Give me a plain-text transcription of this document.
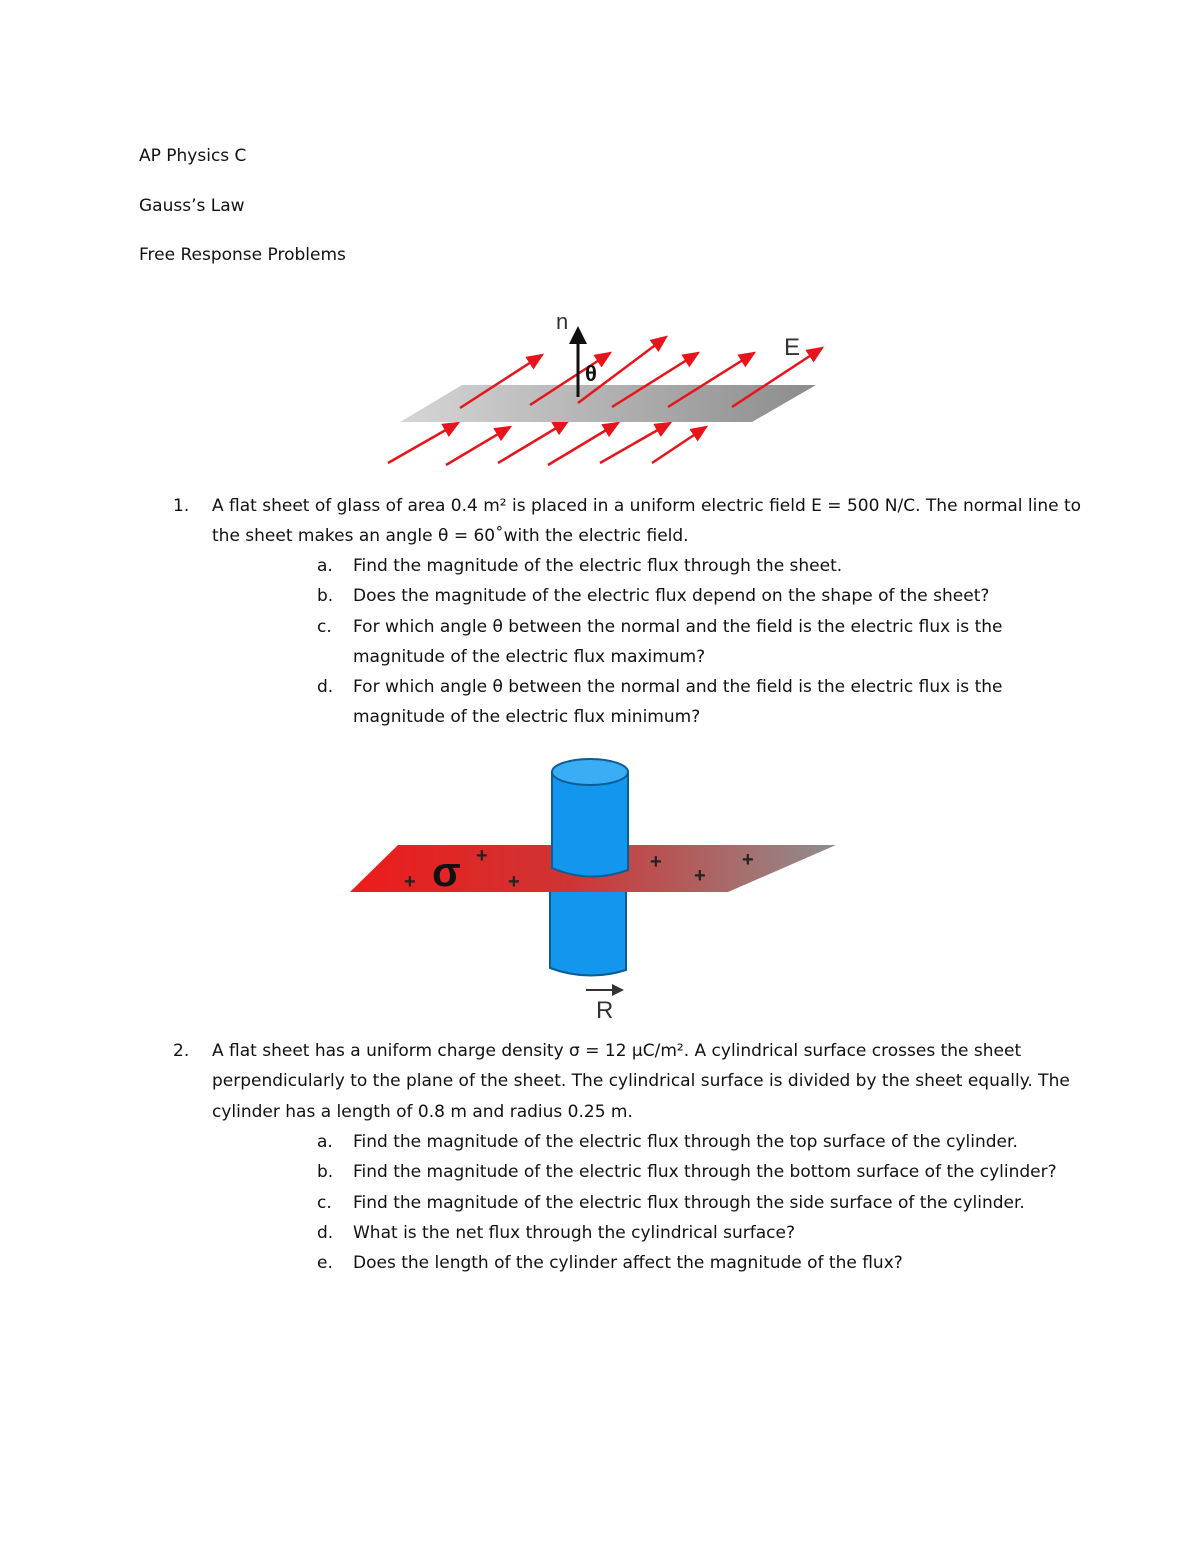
AP Physics C
Gauss’s Law
Free Response Problems
n
θ
E
1.	A flat sheet of glass of area 0.4 m² is placed in a uniform electric field E = 500 N/C. The normal line to the sheet makes an angle θ = 60˚with the electric field.
a. Find the magnitude of the electric flux through the sheet.
b. Does the magnitude of the electric flux depend on the shape of the sheet?
c. For which angle θ between the normal and the field is the electric flux is the magnitude of the electric flux maximum?
d. For which angle θ between the normal and the field is the electric flux is the magnitude of the electric flux minimum?
σ
+
+
+
+
+
+
R
2.	A flat sheet has a uniform charge density σ = 12 μC/m². A cylindrical surface crosses the sheet perpendicularly to the plane of the sheet. The cylindrical surface is divided by the sheet equally. The cylinder has a length of 0.8 m and radius 0.25 m.
a. Find the magnitude of the electric flux through the top surface of the cylinder.
b. Find the magnitude of the electric flux through the bottom surface of the cylinder?
c. Find the magnitude of the electric flux through the side surface of the cylinder.
d. What is the net flux through the cylindrical surface?
e. Does the length of the cylinder affect the magnitude of the flux?
